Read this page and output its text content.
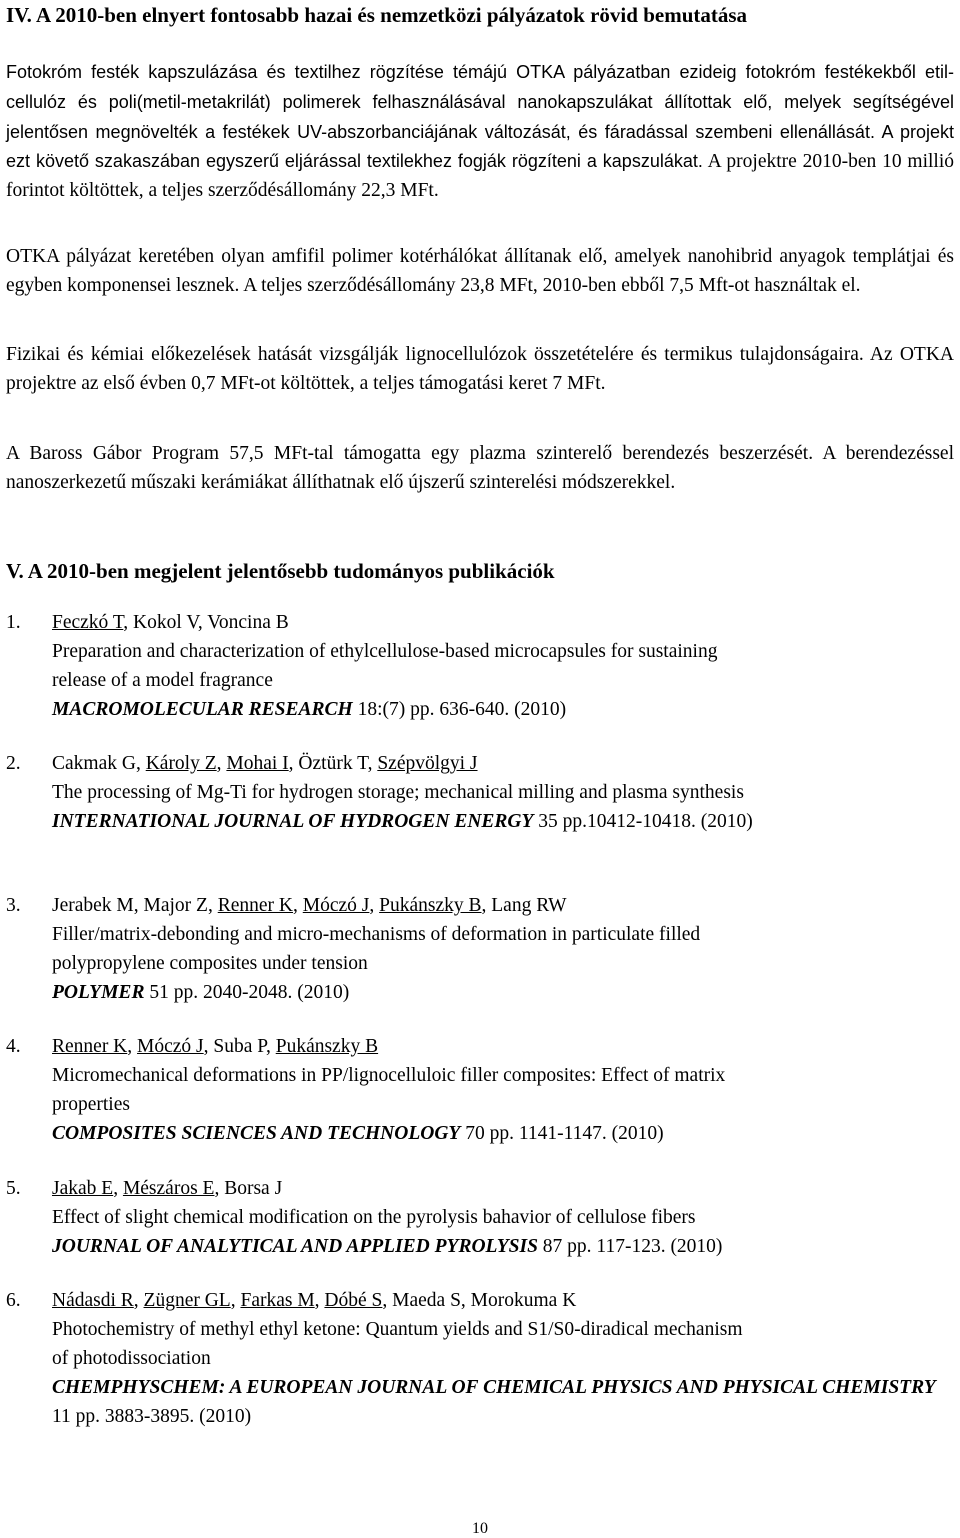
IV. A 2010-ben elnyert fontosabb hazai és nemzetközi pályázatok rövid bemutatása
Fotokróm festék kapszulázása és textilhez rögzítése témájú OTKA pályázatban ezideig fotokróm festékekből etil-cellulóz és poli(metil-metakrilát) polimerek felhasználásával nanokapszulákat állítottak elő, melyek segítségével jelentősen megnövelték a festékek UV-abszorbanciájának változását, és fáradással szembeni ellenállását. A projekt ezt követő szakaszában egyszerű eljárással textilekhez fogják rögzíteni a kapszulákat. A projektre 2010-ben 10 millió forintot költöttek, a teljes szerződésállomány 22,3 MFt.
OTKA pályázat keretében olyan amfifil polimer kotérhálókat állítanak elő, amelyek nanohibrid anyagok templátjai és egyben komponensei lesznek. A teljes szerződésállomány 23,8 MFt, 2010-ben ebből 7,5 Mft-ot használtak el.
Fizikai és kémiai előkezelések hatását vizsgálják lignocellulózok összetételére és termikus tulajdonságaira. Az OTKA projektre az első évben 0,7 MFt-ot költöttek, a teljes támogatási keret 7 MFt.
A Baross Gábor Program 57,5 MFt-tal támogatta egy plazma szinterelő berendezés beszerzését. A berendezéssel nanoszerkezetű műszaki kerámiákat állíthatnak elő újszerű szinterelési módszerekkel.
V. A 2010-ben megjelent jelentősebb tudományos publikációk
1.	Feczkó T, Kokol V, Voncina B
Preparation and characterization of ethylcellulose-based microcapsules for sustaining
release of a model fragrance
MACROMOLECULAR RESEARCH 18:(7) pp. 636-640. (2010)
2.	Cakmak G, Károly Z, Mohai I, Öztürk T, Szépvölgyi J
The processing of Mg-Ti for hydrogen storage; mechanical milling and plasma synthesis
INTERNATIONAL JOURNAL OF HYDROGEN ENERGY 35 pp.10412-10418. (2010)
3.	Jerabek M, Major Z, Renner K, Móczó J, Pukánszky B, Lang RW
Filler/matrix-debonding and micro-mechanisms of deformation in particulate filled
polypropylene composites under tension
POLYMER 51 pp. 2040-2048. (2010)
4.	Renner K, Móczó J, Suba P, Pukánszky B
Micromechanical deformations in PP/lignocelluloic filler composites: Effect of matrix
properties
COMPOSITES SCIENCES AND TECHNOLOGY 70 pp. 1141-1147. (2010)
5.	Jakab E, Mészáros E, Borsa J
Effect of slight chemical modification on the pyrolysis bahavior of cellulose fibers
JOURNAL OF ANALYTICAL AND APPLIED PYROLYSIS 87 pp. 117-123. (2010)
6.	Nádasdi R, Zügner GL, Farkas M, Dóbé S, Maeda S, Morokuma K
Photochemistry of methyl ethyl ketone: Quantum yields and S1/S0-diradical mechanism
of photodissociation
CHEMPHYSCHEM: A EUROPEAN JOURNAL OF CHEMICAL PHYSICS AND PHYSICAL CHEMISTRY 11 pp. 3883-3895. (2010)
10
